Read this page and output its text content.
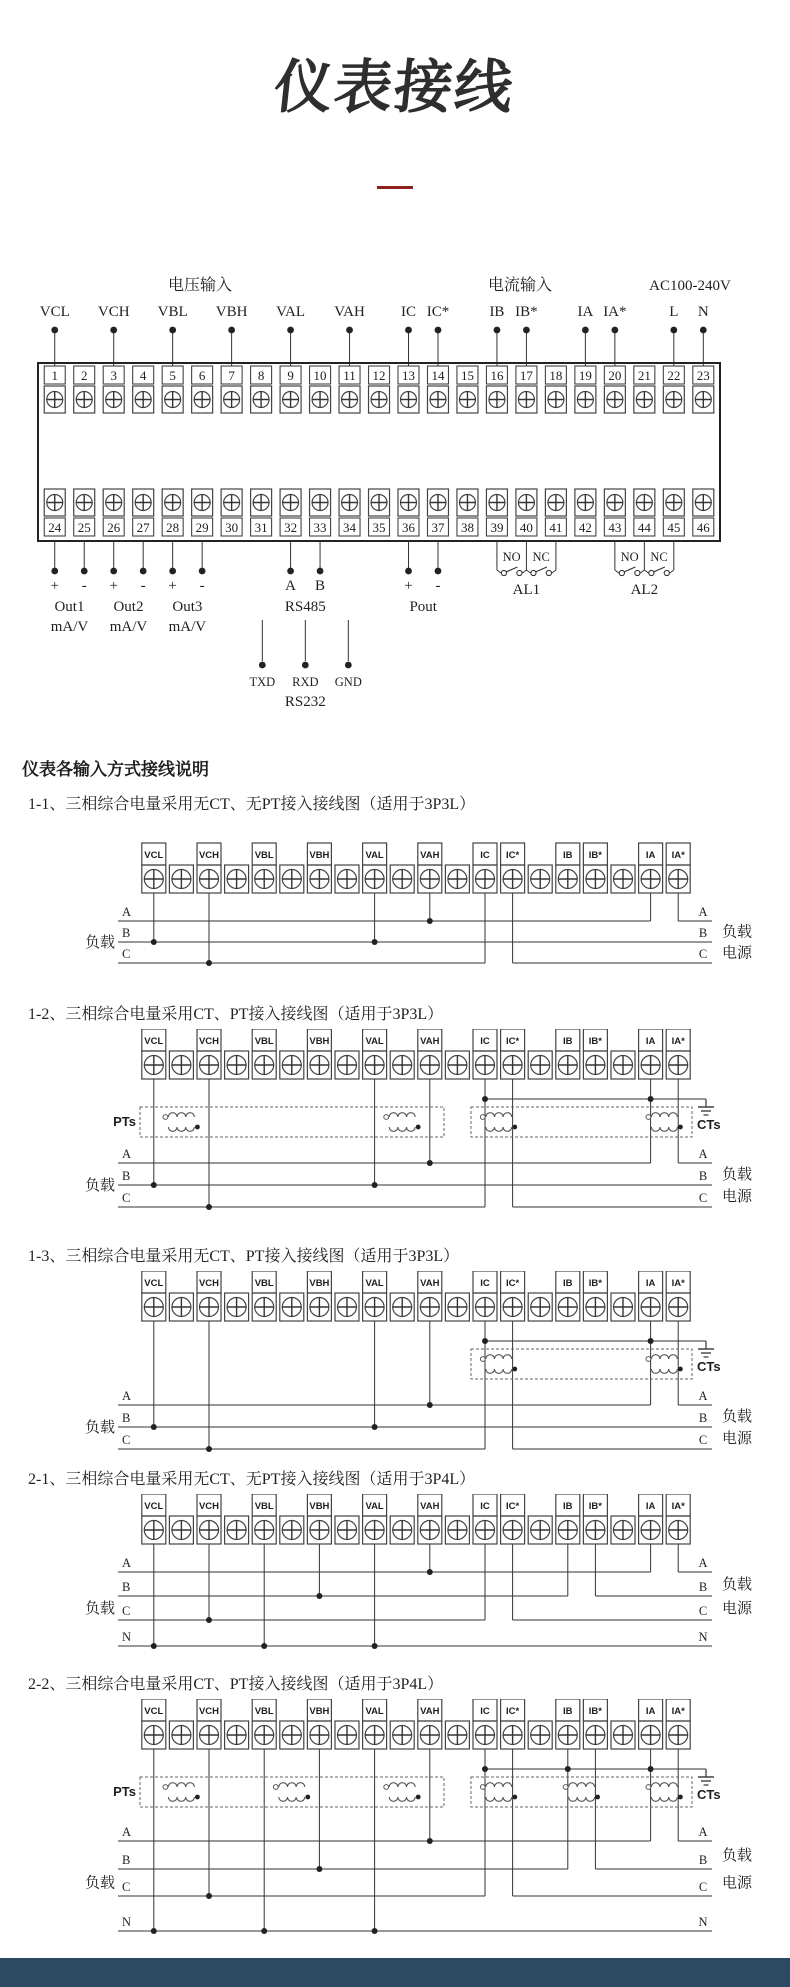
仪表接线
电压输入	电流输入	AC100-240V
VCL VCH VBL VBH VAL VAH IC IC*	IB IB*	IA IA*	L N
1 2 3 4 5 6 7 8 9 10 11 12 13 14 15 16 17 18 19 20 21 22 23
24 25 26 27 28 29 30 31 32 33 34 35 36 37 38 39 40 41 42 43 44 45 46
+ -
Out1
mA/V
+ -
Out2
mA/V
+ -
Out3
mA/V
A B
RS485
TXD RXD GND
RS232
+ -
Pout
NO NC
AL1
NO NC
AL2
仪表各输入方式接线说明
1-1、三相综合电量采用无CT、无PT接入接线图（适用于3P3L）
A	A
B	B
C	C
负载
负载
电源
VCL	VCH	VBL	VBH	VAL	VAH	IC IC*	IB IB*	IA IA*
1-2、三相综合电量采用CT、PT接入接线图（适用于3P3L）
A	A
B	B
C	C
负载
负载
电源
PTs	CTs
VCL	VCH	VBL	VBH	VAL	VAH	IC IC*	IB IB*	IA IA*
1-3、三相综合电量采用无CT、PT接入接线图（适用于3P3L）
A	A
B	B
C	C
负载
负载
电源
CTs
VCL	VCH	VBL	VBH	VAL	VAH	IC IC*	IB IB*	IA IA*
2-1、三相综合电量采用无CT、无PT接入接线图（适用于3P4L）
A	A
B	B
C	C
N	N
负载
负载
电源
VCL	VCH	VBL	VBH	VAL	VAH	IC IC*	IB IB*	IA IA*
2-2、三相综合电量采用CT、PT接入接线图（适用于3P4L）
A	A
B	B
C	C
N	N
负载
负载
电源
PTs	CTs
VCL	VCH	VBL	VBH	VAL	VAH	IC IC*	IB IB*	IA IA*
